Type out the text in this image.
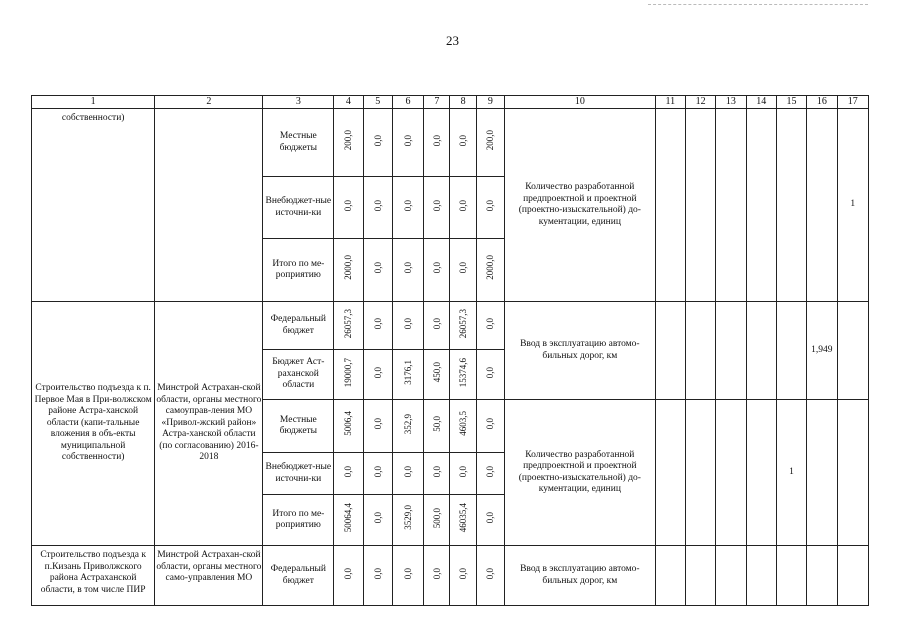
23
1	2	3	4	5	6	7	8	9	10	11	12	13	14	15	16	17
собственности)		Местные бюджеты	200,0	0,0	0,0	0,0	0,0	200,0	Количество разработанной предпроектной и проектной (проектно-изыскательной) до-кументации, единиц							1
		Внебюджет-ные источни-ки	0,0	0,0	0,0	0,0	0,0	0,0								
		Итого по ме-роприятию	2000,0	0,0	0,0	0,0	0,0	2000,0								
Строительство подъезда к п. Первое Мая в При-волжском районе Астра-ханской области (капи-тальные вложения в объ-екты муниципальной собственности)	Минстрой Астрахан-ской области, органы местного самоуправ-ления МО «Привол-жский район» Астра-ханской области (по согласованию) 2016-2018	Федеральный бюджет	26057,3	0,0	0,0	0,0	26057,3	0,0	Ввод в эксплуатацию автомо-бильных дорог, км						1,949	
		Бюджет Аст-раханской области	19000,7	0,0	3176,1	450,0	15374,6	0,0								
		Местные бюджеты	5006,4	0,0	352,9	50,0	4603,5	0,0	Количество разработанной предпроектной и проектной (проектно-изыскательной) до-кументации, единиц					1		
		Внебюджет-ные источни-ки	0,0	0,0	0,0	0,0	0,0	0,0								
		Итого по ме-роприятию	50064,4	0,0	3529,0	500,0	46035,4	0,0								
Строительство подъезда к п.Кизань Приволжского района Астраханской области, в том числе ПИР	Минстрой Астрахан-ской области, органы местного само-управления МО	Федеральный бюджет	0,0	0,0	0,0	0,0	0,0	0,0	Ввод в эксплуатацию автомо-бильных дорог, км							
